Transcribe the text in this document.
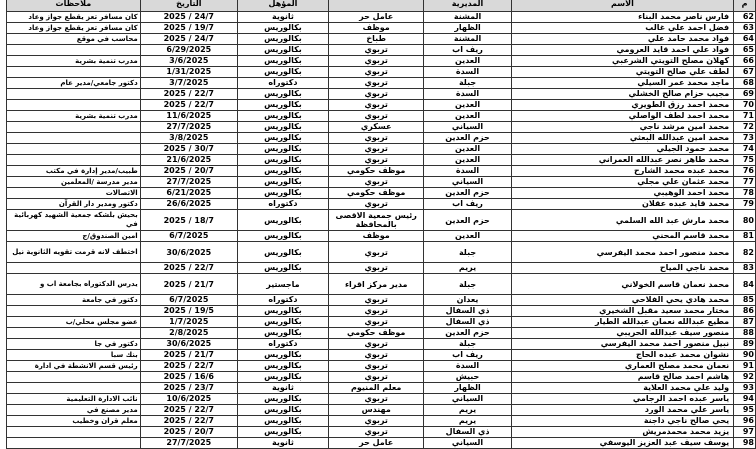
م	الاسم	المديرية		المؤهل	التاريخ	ملاحظات
62	فارس ناصر محمد البناء	المشنة	عامل حر	ثانوية	24/7 / 2025	كان مسافر تعز يقطع جواز وعاد
63	فضل احمد علي غالب	الظهار	موظف	بكالوريس	19/7 / 2025	كان مسافر تعز يقطع جواز وعاد
64	فواد محمد حامد علي	المشنة	طباخ	بكالوريس	24/7 / 2025	محاسب في موقع
65	فواد علي احمد قايد العرومي	ريف اب	تربوي	بكالوريس	6/29/2025	
66	كهلان مصلح التويتي الشرعبي	العدين	تربوي	بكالوريس	3/6/2025	مدرب تنمية بشرية
67	لطف علي صالح التويتي	السدة	تربوي	بكالوريس	1/31/2025	
68	ماجد محمد عمر السيلي	جبلة	تربوي	دكتوراه	3/7/2025	دكتور جامعي/مدير عام
69	مجيب حزام صالح الخشلي	السدة	تربوي	بكالوريس	22/7 / 2025	
70	محمد احمد رزق الطويري	العدين	تربوي	بكالوريس	22/7 / 2025	
71	محمد احمد لطف الواصلي	العدين	تربوي	بكالوريس	11/6/2025	مدرب تنمية بشرية
72	محمد امين مرشد ناجي	السياني	عسكري	بكالوريس	27/7/2025	
73	محمد امين عبدالله البعثي	حزم العدين	تربوي	بكالوريس	3/8/2025	
74	محمد حمود الجيلي	العدين	تربوي	بكالوريس	30/7 / 2025	
75	محمد طاهر نصر عبدالله العمراني	العدين	تربوي	بكالوريس	21/6/2025	
76	محمد عبده محمد الشارح	السدة	موظف حكومي	بكالوريس	20/7 / 2025	طبيب/مدير إدارة في مكتب
77	محمد عثمان علي مجلي	السياني	تربوي	بكالوريس	27/7/2025	مدير مدرسة /المعلمين
78	محمد احمد الوهيبي	حزم العدين	موظف حكومي	بكالوريس	6/21/2025	الاتصالات
79	محمد قايد عبده عقلان	ريف اب	تربوي	دكتوراه	26/6/2025	دكتور ومدير دار القرآن
80	محمد مارش عبد الله السلمي	حزم العدين	رئيس جمعية الاقصى بالمحافظة	بكالوريس	18/7 / 2025	بحيش بلشكه جمعية الشهيد كهربائية في
81	محمد قاسم المحني	العدين	موظف	بكالوريس	6/7/2025	امين الصندوق/ج
82	محمد منصور احمد محمد اليفرسي	جبلة	تربوي	بكالوريس	30/6/2025	اختطف لانه قرمت تقويه الثانوية نيل
83	محمد ناجي المياح	يريم	تربوي	بكالوريس	22/7 / 2025	
84	محمد نعمان قاسم الخولاني	جبلة	مدير مركز اقراء	ماجستير	21/7 / 2025	يدرس الدكتوراه بجامعة اب و
85	محمد هادي يحي الفلاحي	يعدان	تربوي	دكتوراه	6/7/2025	دكتور في جامعة
86	مختار محمد سعيد مقبل الشخيري	ذي السفال	تربوي	بكالوريس	19/5 / 2025	
87	مطيع عبدالله نعمان عبدالله الطيار	ذي السفال	تربوي	بكالوريس	1/7/2025	عضو مجلس محلي/ب
88	منصور سيف عبدالله الحريبي	حزم العدين	موظف حكومي	بكالوريس	2/8/2025	
89	نبيل منصور احمد محمد اليفرسي	جبلة	تربوي	دكتوراه	30/6/2025	دكتور في جا
90	نشوان محمد عبده الحاج	ريف اب	تربوي	بكالوريس	21/7 / 2025	بنك سبا
91	نعمان محمد مصلح العماري	السدة	تربوي	بكالوريس	22/7 / 2025	رئيس قسم الانشطة في ادارة
92	هاشم احمد صالح قاسم	حبيش	تربوي	بكالوريس	16/6 / 2025	
93	وليد علي محمد العلاية	الظهار	معلم المنيوم	ثانوية	23/7 / 2025	
94	ياسر عبده احمد الرجامي	السياني	تربوي	بكالوريس	10/6/2025	نائب الادارة التعليمية
95	ياسر علي محمد الورد	يريم	مهندس	بكالوريس	22/7 / 2025	مدير مصنع في
96	يحي صالح ناجي داجنة	يريم	تربوي	بكالوريس	22/7 / 2025	معلم قران وخطيب
97	يزيد محمد محمدمريش	ذي السفال	تربوي	بكالوريس	20/7 / 2025	
98	يوسف سيف عبد العزيز اليوسفي	السياني	عامل حر	ثانوية	27/7/2025	
